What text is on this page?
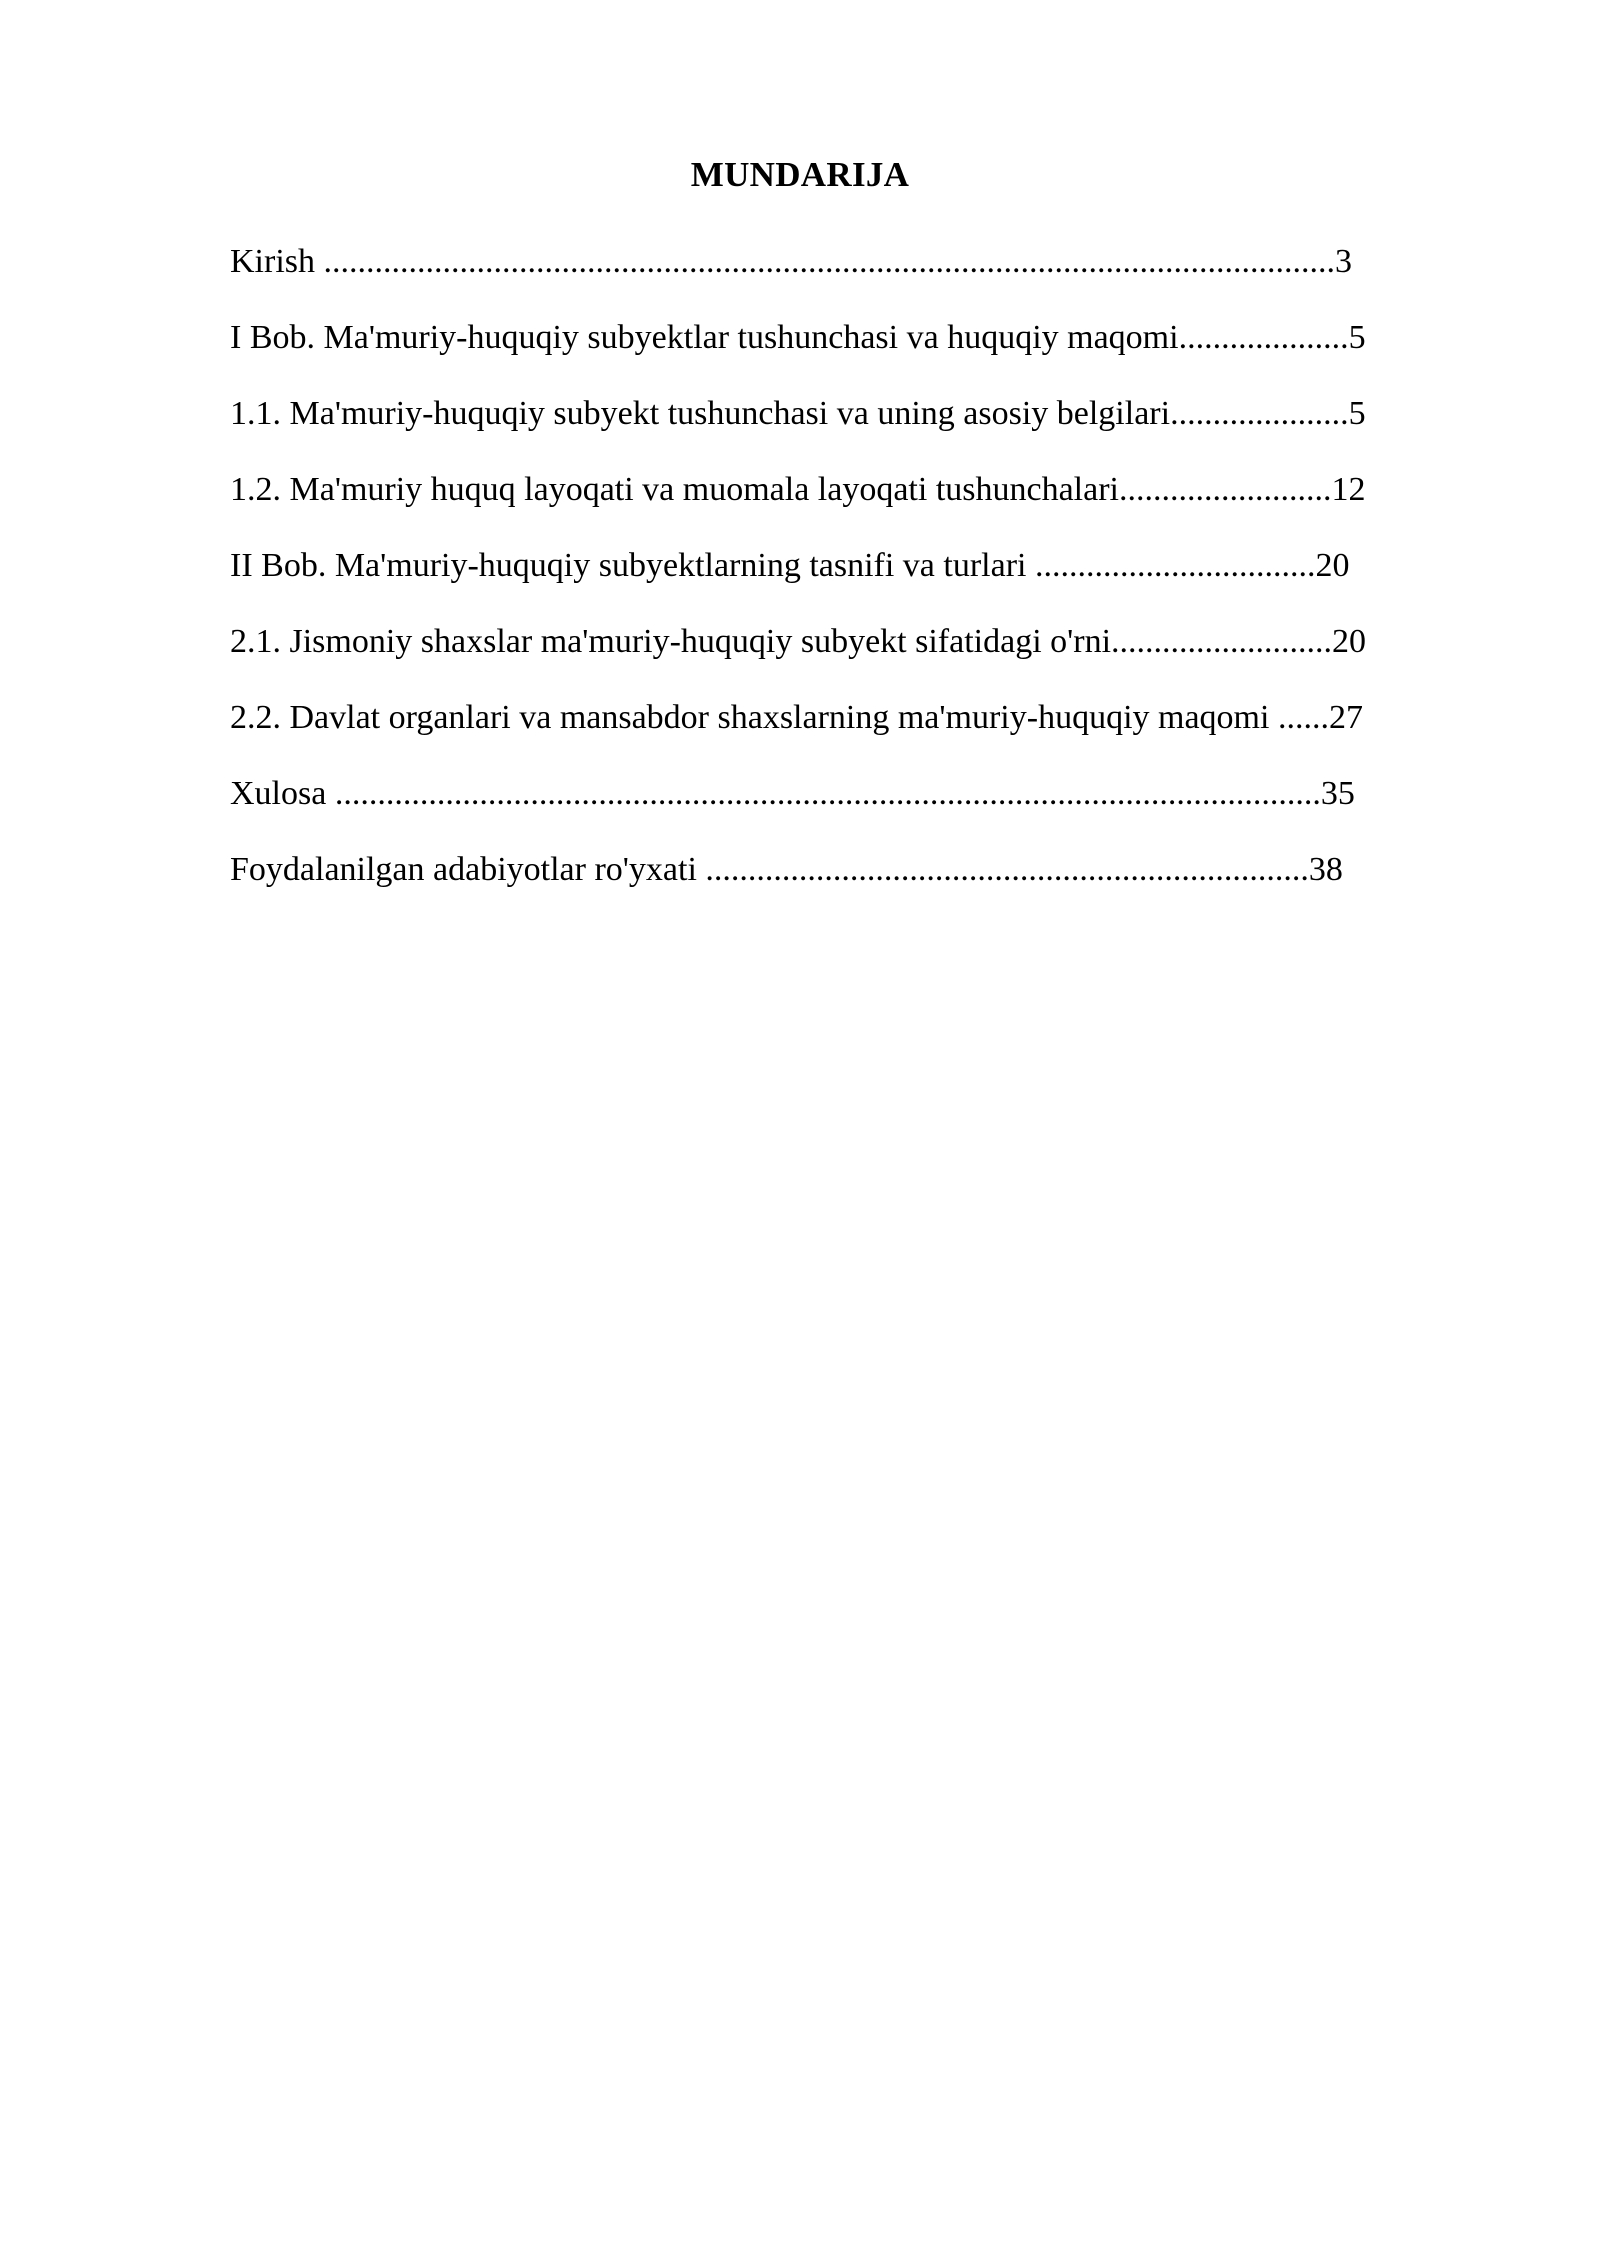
MUNDARIJA
Kirish .......................................................................................................................3
I Bob. Ma'muriy-huquqiy subyektlar tushunchasi va huquqiy maqomi....................5
1.1. Ma'muriy-huquqiy subyekt tushunchasi va uning asosiy belgilari.....................5
1.2. Ma'muriy huquq layoqati va muomala layoqati tushunchalari.........................12
II Bob. Ma'muriy-huquqiy subyektlarning tasnifi va turlari .................................20
2.1. Jismoniy shaxslar ma'muriy-huquqiy subyekt sifatidagi o'rni..........................20
2.2. Davlat organlari va mansabdor shaxslarning ma'muriy-huquqiy maqomi ......27
Xulosa ....................................................................................................................35
Foydalanilgan adabiyotlar ro'yxati .......................................................................38
